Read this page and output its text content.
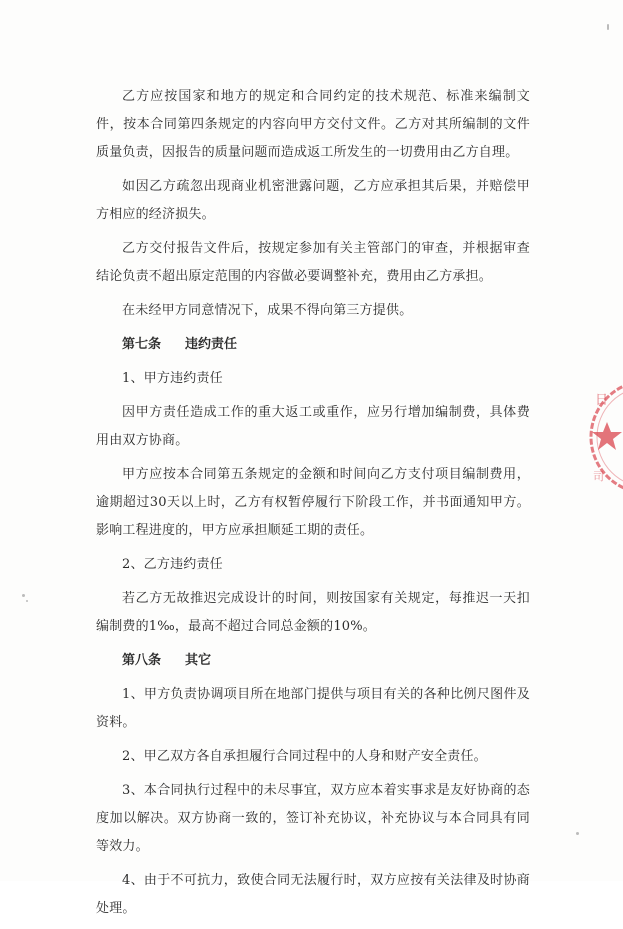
乙方应按国家和地方的规定和合同约定的技术规范、标准来编制文件，按本合同第四条规定的内容向甲方交付文件。乙方对其所编制的文件质量负责，因报告的质量问题而造成返工所发生的一切费用由乙方自理。

如因乙方疏忽出现商业机密泄露问题，乙方应承担其后果，并赔偿甲方相应的经济损失。

乙方交付报告文件后，按规定参加有关主管部门的审查，并根据审查结论负责不超出原定范围的内容做必要调整补充，费用由乙方承担。

在未经甲方同意情况下，成果不得向第三方提供。

第七条 违约责任

1、甲方违约责任

因甲方责任造成工作的重大返工或重作，应另行增加编制费，具体费用由双方协商。

甲方应按本合同第五条规定的金额和时间向乙方支付项目编制费用，逾期超过30天以上时，乙方有权暂停履行下阶段工作，并书面通知甲方。影响工程进度的，甲方应承担顺延工期的责任。

2、乙方违约责任

若乙方无故推迟完成设计的时间，则按国家有关规定，每推迟一天扣编制费的1‰，最高不超过合同总金额的10%。

第八条 其它

1、甲方负责协调项目所在地部门提供与项目有关的各种比例尺图件及资料。

2、甲乙双方各自承担履行合同过程中的人身和财产安全责任。

3、本合同执行过程中的未尽事宜，双方应本着实事求是友好协商的态度加以解决。双方协商一致的，签订补充协议，补充协议与本合同具有同等效力。

4、由于不可抗力，致使合同无法履行时，双方应按有关法律及时协商处理。

日
司
